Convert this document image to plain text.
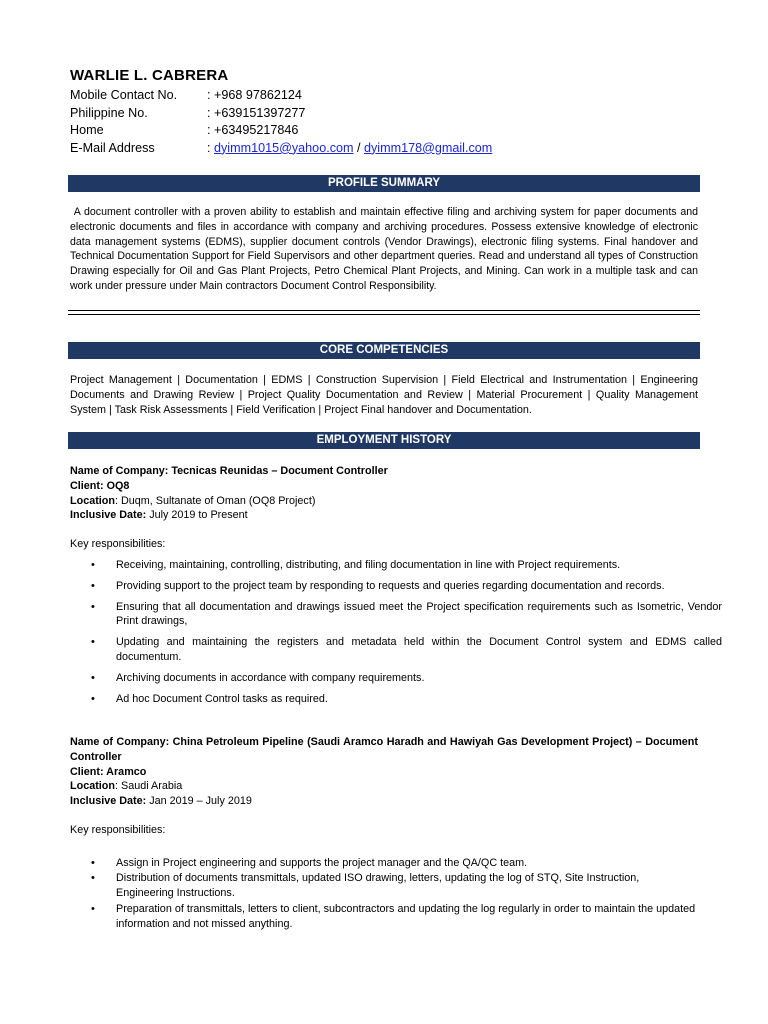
WARLIE L. CABRERA
Mobile Contact No. : +968 97862124
Philippine No.	: +639151397277
Home	: +63495217846
E-Mail Address	: dyimm1015@yahoo.com / dyimm178@gmail.com
PROFILE SUMMARY
A document controller with a proven ability to establish and maintain effective filing and archiving system for paper documents and electronic documents and files in accordance with company and archiving procedures. Possess extensive knowledge of electronic data management systems (EDMS), supplier document controls (Vendor Drawings), electronic filing systems. Final handover and Technical Documentation Support for Field Supervisors and other department queries. Read and understand all types of Construction Drawing especially for Oil and Gas Plant Projects, Petro Chemical Plant Projects, and Mining. Can work in a multiple task and can work under pressure under Main contractors Document Control Responsibility.
CORE COMPETENCIES
Project Management | Documentation | EDMS | Construction Supervision | Field Electrical and Instrumentation | Engineering Documents and Drawing Review | Project Quality Documentation and Review | Material Procurement | Quality Management System | Task Risk Assessments | Field Verification | Project Final handover and Documentation.
EMPLOYMENT HISTORY
Name of Company: Tecnicas Reunidas – Document Controller
Client: OQ8
Location: Duqm, Sultanate of Oman (OQ8 Project)
Inclusive Date: July 2019 to Present
Key responsibilities:
• Receiving, maintaining, controlling, distributing, and filing documentation in line with Project requirements.
• Providing support to the project team by responding to requests and queries regarding documentation and records.
• Ensuring that all documentation and drawings issued meet the Project specification requirements such as Isometric, Vendor Print drawings,
• Updating and maintaining the registers and metadata held within the Document Control system and EDMS called documentum.
• Archiving documents in accordance with company requirements.
• Ad hoc Document Control tasks as required.
Name of Company: China Petroleum Pipeline (Saudi Aramco Haradh and Hawiyah Gas Development Project) – Document Controller
Client: Aramco
Location: Saudi Arabia
Inclusive Date: Jan 2019 – July 2019
Key responsibilities:
• Assign in Project engineering and supports the project manager and the QA/QC team.
• Distribution of documents transmittals, updated ISO drawing, letters, updating the log of STQ, Site Instruction, Engineering Instructions.
• Preparation of transmittals, letters to client, subcontractors and updating the log regularly in order to maintain the updated information and not missed anything.
